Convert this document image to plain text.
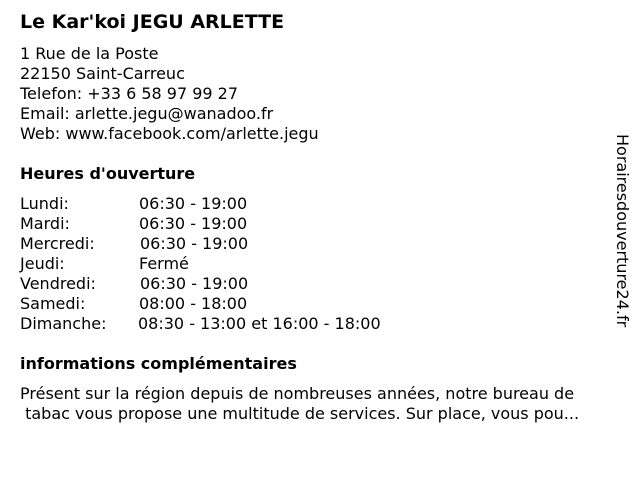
Le Kar'koi JEGU ARLETTE
1 Rue de la Poste
22150 Saint-Carreuc
Telefon: +33 6 58 97 99 27
Email: arlette.jegu@wanadoo.fr
Web: www.facebook.com/arlette.jegu
Heures d'ouverture
Lundi:	06:30 - 19:00
Mardi:	06:30 - 19:00
Mercredi:	06:30 - 19:00
Jeudi:	Fermé
Vendredi:	06:30 - 19:00
Samedi:	08:00 - 18:00
Dimanche: 08:30 - 13:00 et 16:00 - 18:00
informations complémentaires
Présent sur la région depuis de nombreuses années, notre bureau de
tabac vous propose une multitude de services. Sur place, vous pou...
Horairesdouverture24.fr
